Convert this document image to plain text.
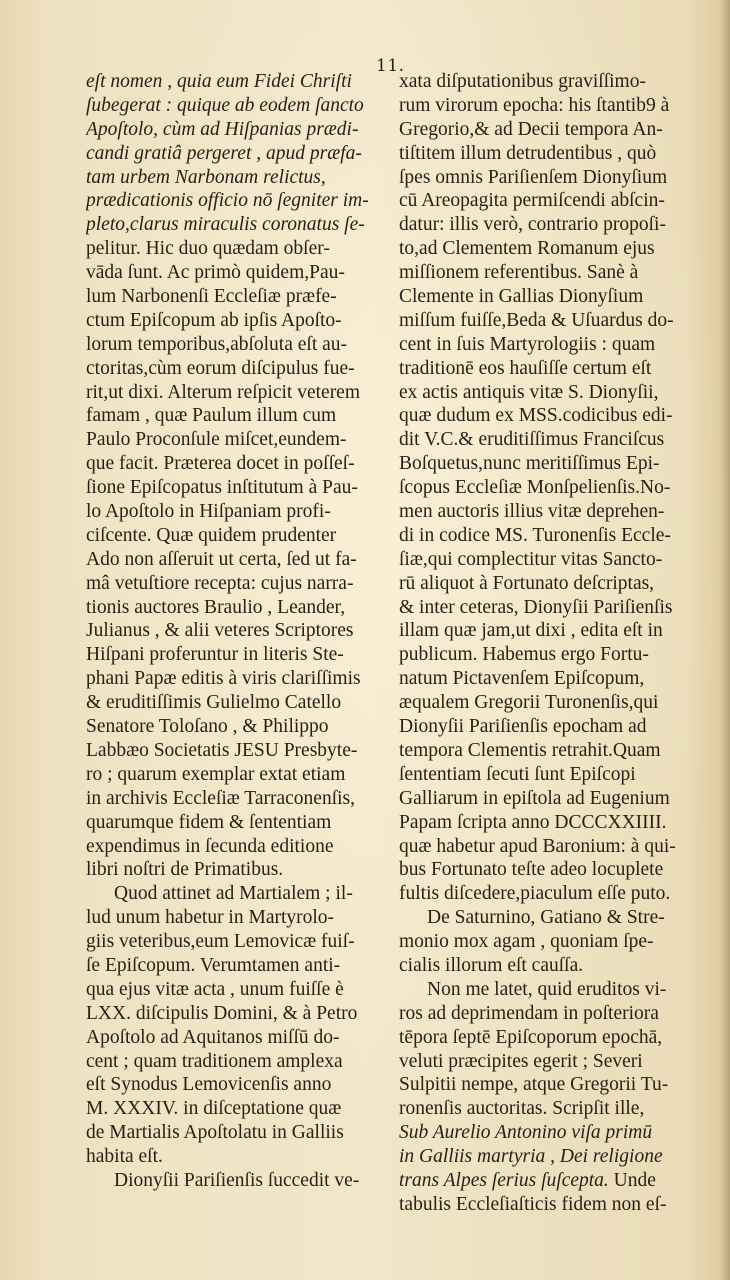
11.
eſt nomen , quia eum Fidei Chriſti
ſubegerat : quique ab eodem ſancto
Apoſtolo, cùm ad Hiſpanias prædi-
candi gratiâ pergeret , apud præfa-
tam urbem Narbonam relictus,
prædicationis officio nō ſegniter im-
pleto,clarus miraculis coronatus ſe-
pelitur. Hic duo quædam obſer-
vāda ſunt. Ac primò quidem,Pau-
lum Narbonenſi Eccleſiæ præfe-
ctum Epiſcopum ab ipſis Apoſto-
lorum temporibus,abſoluta eſt au-
ctoritas,cùm eorum diſcipulus fue-
rit,ut dixi. Alterum reſpicit veterem
famam , quæ Paulum illum cum
Paulo Proconſule miſcet,eundem-
que facit. Præterea docet in poſſeſ-
ſione Epiſcopatus inſtitutum à Pau-
lo Apoſtolo in Hiſpaniam profi-
ciſcente. Quæ quidem prudenter
Ado non aſſeruit ut certa, ſed ut fa-
mâ vetuſtiore recepta: cujus narra-
tionis auctores Braulio , Leander,
Julianus , & alii veteres Scriptores
Hiſpani proferuntur in literis Ste-
phani Papæ editis à viris clariſſimis
& eruditiſſimis Gulielmo Catello
Senatore Toloſano , & Philippo
Labbæo Societatis JESU Presbyte-
ro ; quarum exemplar extat etiam
in archivis Eccleſiæ Tarraconenſis,
quarumque fidem & ſententiam
expendimus in ſecunda editione
libri noſtri de Primatibus.
Quod attinet ad Martialem ; il-
lud unum habetur in Martyrolo-
giis veteribus,eum Lemovicæ fuiſ-
ſe Epiſcopum. Verumtamen anti-
qua ejus vitæ acta , unum fuiſſe è
LXX. diſcipulis Domini, & à Petro
Apoſtolo ad Aquitanos miſſū do-
cent ; quam traditionem amplexa
eſt Synodus Lemovicenſis anno
M. XXXIV. in diſceptatione quæ
de Martialis Apoſtolatu in Galliis
habita eſt.
Dionyſii Pariſienſis ſuccedit ve-
xata diſputationibus graviſſimo-
rum virorum epocha: his ſtantib9 à
Gregorio,& ad Decii tempora An-
tiſtitem illum detrudentibus , quò
ſpes omnis Pariſienſem Dionyſium
cū Areopagita permiſcendi abſcin-
datur: illis verò, contrario propoſi-
to,ad Clementem Romanum ejus
miſſionem referentibus. Sanè à
Clemente in Gallias Dionyſium
miſſum fuiſſe,Beda & Uſuardus do-
cent in ſuis Martyrologiis : quam
traditionē eos hauſiſſe certum eſt
ex actis antiquis vitæ S. Dionyſii,
quæ dudum ex MSS.codicibus edi-
dit V.C.& eruditiſſimus Franciſcus
Boſquetus,nunc meritiſſimus Epi-
ſcopus Eccleſiæ Monſpelienſis.No-
men auctoris illius vitæ deprehen-
di in codice MS. Turonenſis Eccle-
ſiæ,qui complectitur vitas Sancto-
rū aliquot à Fortunato deſcriptas,
& inter ceteras, Dionyſii Pariſienſis
illam quæ jam,ut dixi , edita eſt in
publicum. Habemus ergo Fortu-
natum Pictavenſem Epiſcopum,
æqualem Gregorii Turonenſis,qui
Dionyſii Pariſienſis epocham ad
tempora Clementis retrahit.Quam
ſententiam ſecuti ſunt Epiſcopi
Galliarum in epiſtola ad Eugenium
Papam ſcripta anno DCCCXXIIII.
quæ habetur apud Baronium: à qui-
bus Fortunato teſte adeo locuplete
fultis diſcedere,piaculum eſſe puto.
De Saturnino, Gatiano & Stre-
monio mox agam , quoniam ſpe-
cialis illorum eſt cauſſa.
Non me latet, quid eruditos vi-
ros ad deprimendam in poſteriora
tēpora ſeptē Epiſcoporum epochā,
veluti præcipites egerit ; Severi
Sulpitii nempe, atque Gregorii Tu-
ronenſis auctoritas. Scripſit ille,
Sub Aurelio Antonino viſa primū
in Galliis martyria , Dei religione
trans Alpes ſerius ſuſcepta. Unde
tabulis Eccleſiaſticis fidem non eſ-
